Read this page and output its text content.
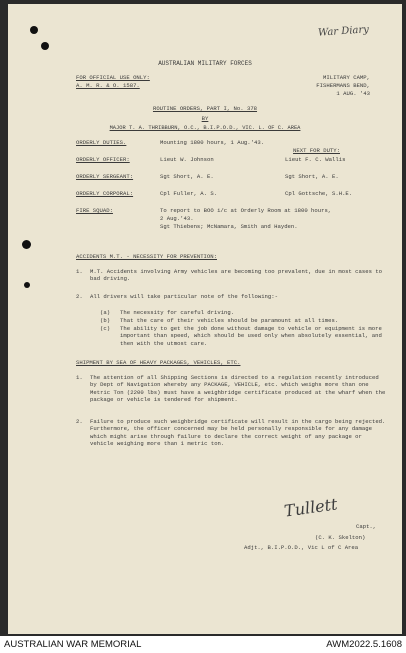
War Diary
AUSTRALIAN MILITARY FORCES
FOR OFFICIAL USE ONLY:
A. M. R. & O. 1587.
MILITARY CAMP,
FISHERMANS BEND,
1 AUG. '43
ROUTINE ORDERS, PART I, No. 378
BY
MAJOR T. A. THRIBBURN, O.C., B.I.P.O.D., VIC. L. OF C. AREA
NEXT FOR DUTY:
ORDERLY DUTIES.	Mounting 1800 hours, 1 Aug.'43.
ORDERLY OFFICER:	Lieut W. Johnson	Lieut F. C. Wallis
ORDERLY SERGEANT:	Sgt Short, A. E.	Sgt Short, A. E.
ORDERLY CORPORAL:	Cpl Fuller, A. S.	Cpl Gottsche, S.H.E.
FIRE SQUAD:	To report to BOO i/c at Orderly Room at 1800 hours,
2 Aug.'43.
Sgt Thiebens; McNamara, Smith and Hayden.
ACCIDENTS M.T. - NECESSITY FOR PREVENTION:
1. M.T. Accidents involving Army vehicles are becoming too prevalent, due in most cases to bad driving.
2. All drivers will take particular note of the following:-
(a) The necessity for careful driving.
(b) That the care of their vehicles should be paramount at all times.
(c) The ability to get the job done without damage to vehicle or equipment is more important than speed, which should be used only when absolutely essential, and then with the utmost care.
SHIPMENT BY SEA OF HEAVY PACKAGES, VEHICLES, ETC.
1. The attention of all Shipping Sections is directed to a regulation recently introduced by Dept of Navigation whereby any PACKAGE, VEHICLE, etc. which weighs more than one Metric Ton (2200 lbs) must have a weighbridge certificate produced at the wharf when the package or vehicle is tendered for shipment.
2. Failure to produce such weighbridge certificate will result in the cargo being rejected. Furthermore, the officer concerned may be held personally responsible for any damage which might arise through failure to declare the correct weight of any package or vehicle weighing more than 1 metric ton.
Tullett
Capt.,
(C. K. Skelton)
Adjt., B.I.P.O.D., Vic L of C Area
AUSTRALIAN WAR MEMORIAL	AWM2022.5.1608
